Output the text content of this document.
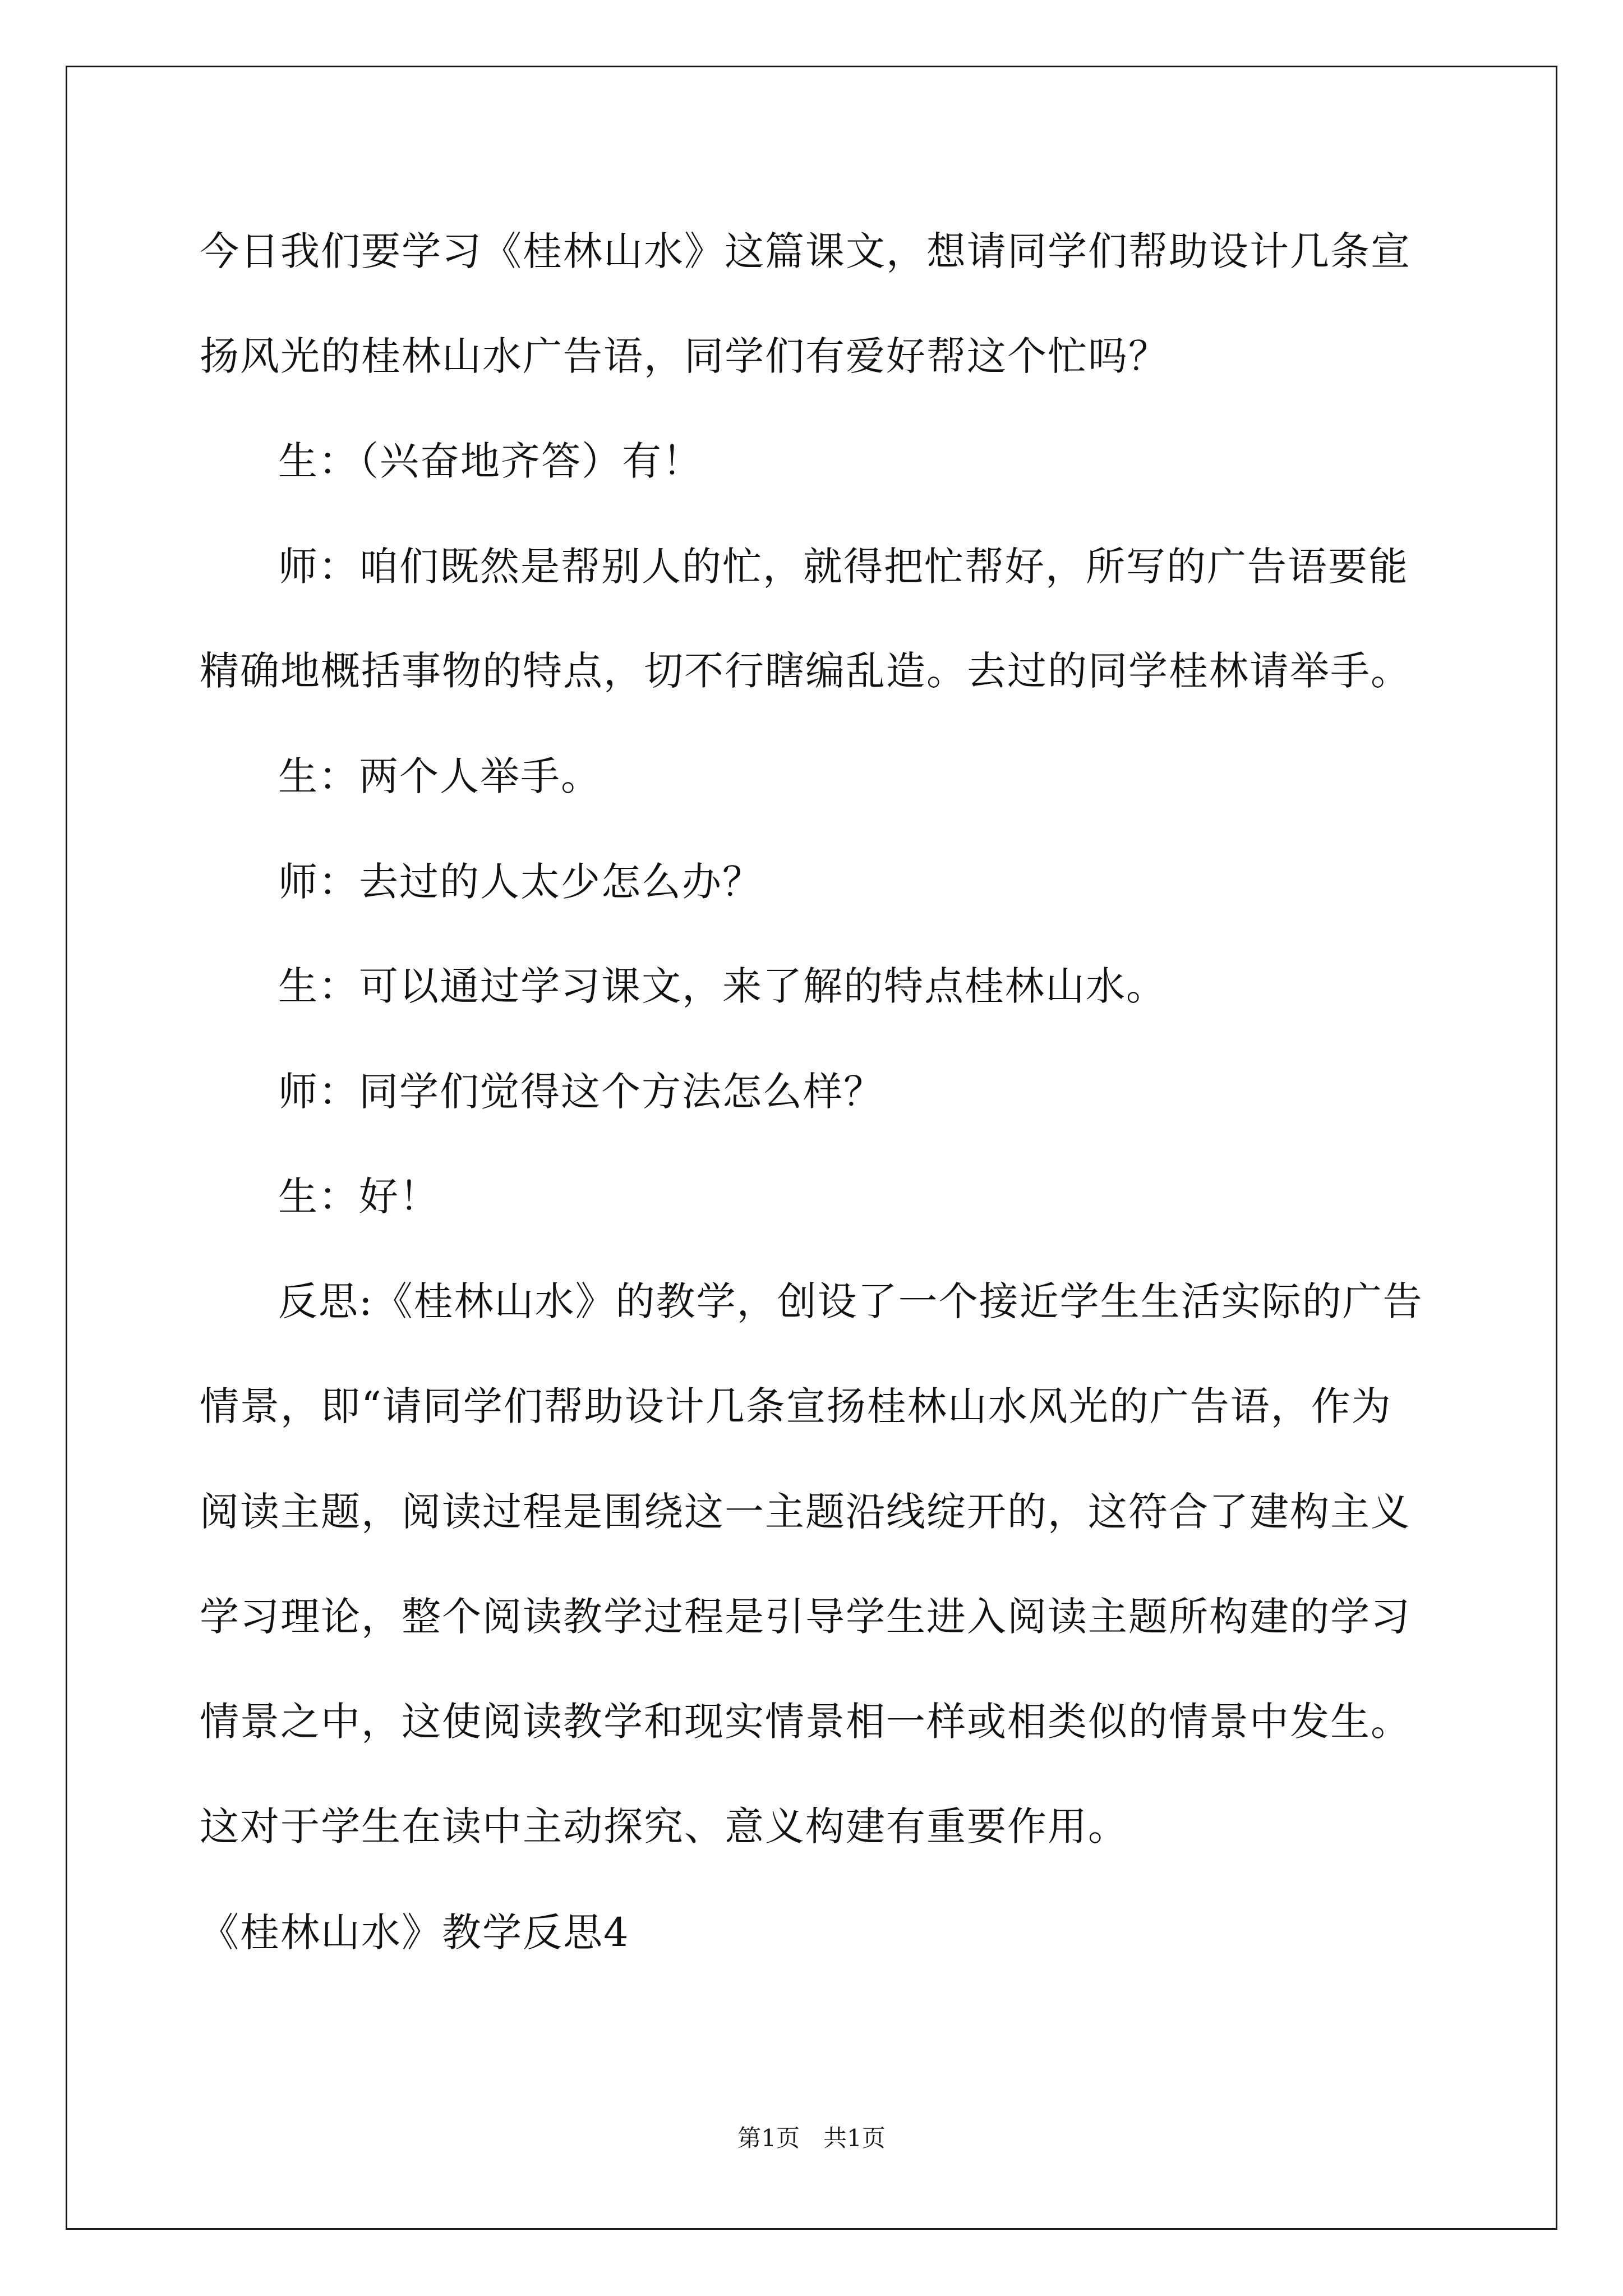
今日我们要学习《桂林山水》这篇课文，想请同学们帮助设计几条宣
扬风光的桂林山水广告语，同学们有爱好帮这个忙吗？
生：（兴奋地齐答）有！
师：咱们既然是帮别人的忙，就得把忙帮好，所写的广告语要能
精确地概括事物的特点，切不行瞎编乱造。去过的同学桂林请举手。
生：两个人举手。
师：去过的人太少怎么办？
生：可以通过学习课文，来了解的特点桂林山水。
师：同学们觉得这个方法怎么样？
生：好！
反思:《桂林山水》的教学，创设了一个接近学生生活实际的广告
情景，即“请同学们帮助设计几条宣扬桂林山水风光的广告语，作为
阅读主题，阅读过程是围绕这一主题沿线绽开的，这符合了建构主义
学习理论，整个阅读教学过程是引导学生进入阅读主题所构建的学习
情景之中，这使阅读教学和现实情景相一样或相类似的情景中发生。
这对于学生在读中主动探究、意义构建有重要作用。
《桂林山水》教学反思4
第1页　共1页
